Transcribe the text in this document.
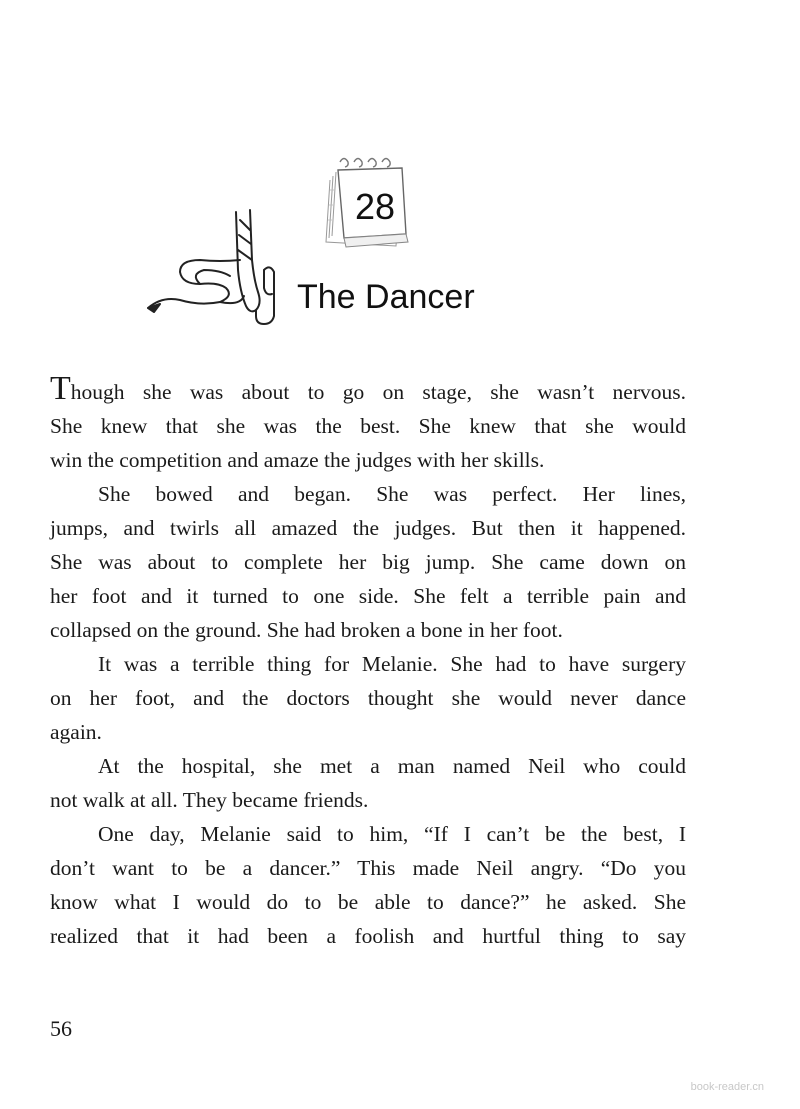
28
The Dancer
Though she was about to go on stage, she wasn’t nervous.
She knew that she was the best. She knew that she would
win the competition and amaze the judges with her skills.
She bowed and began. She was perfect. Her lines,
jumps, and twirls all amazed the judges. But then it happened.
She was about to complete her big jump. She came down on
her foot and it turned to one side. She felt a terrible pain and
collapsed on the ground. She had broken a bone in her foot.
It was a terrible thing for Melanie. She had to have surgery
on her foot, and the doctors thought she would never dance
again.
At the hospital, she met a man named Neil who could
not walk at all. They became friends.
One day, Melanie said to him, “If I can’t be the best, I
don’t want to be a dancer.” This made Neil angry. “Do you
know what I would do to be able to dance?” he asked. She
realized that it had been a foolish and hurtful thing to say
56
book-reader.cn
